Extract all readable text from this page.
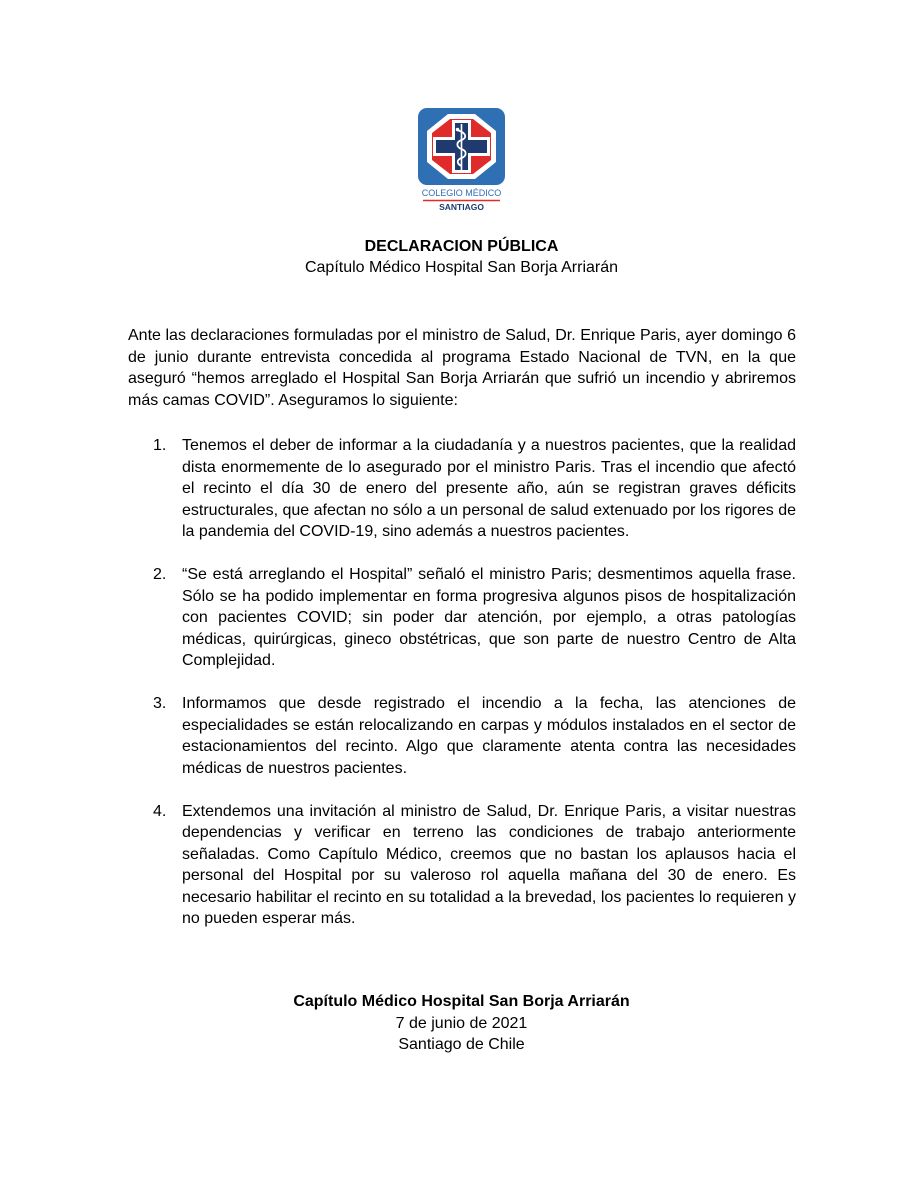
COLEGIO MÉDICO
SANTIAGO
DECLARACION PÚBLICA
Capítulo Médico Hospital San Borja Arriarán

Ante las declaraciones formuladas por el ministro de Salud, Dr. Enrique Paris, ayer domingo 6 de junio durante entrevista concedida al programa Estado Nacional de TVN, en la que aseguró “hemos arreglado el Hospital San Borja Arriarán que sufrió un incendio y abriremos más camas COVID”. Aseguramos lo siguiente:

1. Tenemos el deber de informar a la ciudadanía y a nuestros pacientes, que la realidad dista enormemente de lo asegurado por el ministro Paris. Tras el incendio que afectó el recinto el día 30 de enero del presente año, aún se registran graves déficits estructurales, que afectan no sólo a un personal de salud extenuado por los rigores de la pandemia del COVID-19, sino además a nuestros pacientes.
2. “Se está arreglando el Hospital” señaló el ministro Paris; desmentimos aquella frase. Sólo se ha podido implementar en forma progresiva algunos pisos de hospitalización con pacientes COVID; sin poder dar atención, por ejemplo, a otras patologías médicas, quirúrgicas, gineco obstétricas, que son parte de nuestro Centro de Alta Complejidad.
3. Informamos que desde registrado el incendio a la fecha, las atenciones de especialidades se están relocalizando en carpas y módulos instalados en el sector de estacionamientos del recinto. Algo que claramente atenta contra las necesidades médicas de nuestros pacientes.
4. Extendemos una invitación al ministro de Salud, Dr. Enrique Paris, a visitar nuestras dependencias y verificar en terreno las condiciones de trabajo anteriormente señaladas. Como Capítulo Médico, creemos que no bastan los aplausos hacia el personal del Hospital por su valeroso rol aquella mañana del 30 de enero. Es necesario habilitar el recinto en su totalidad a la brevedad, los pacientes lo requieren y no pueden esperar más.
Capítulo Médico Hospital San Borja Arriarán
7 de junio de 2021
Santiago de Chile
